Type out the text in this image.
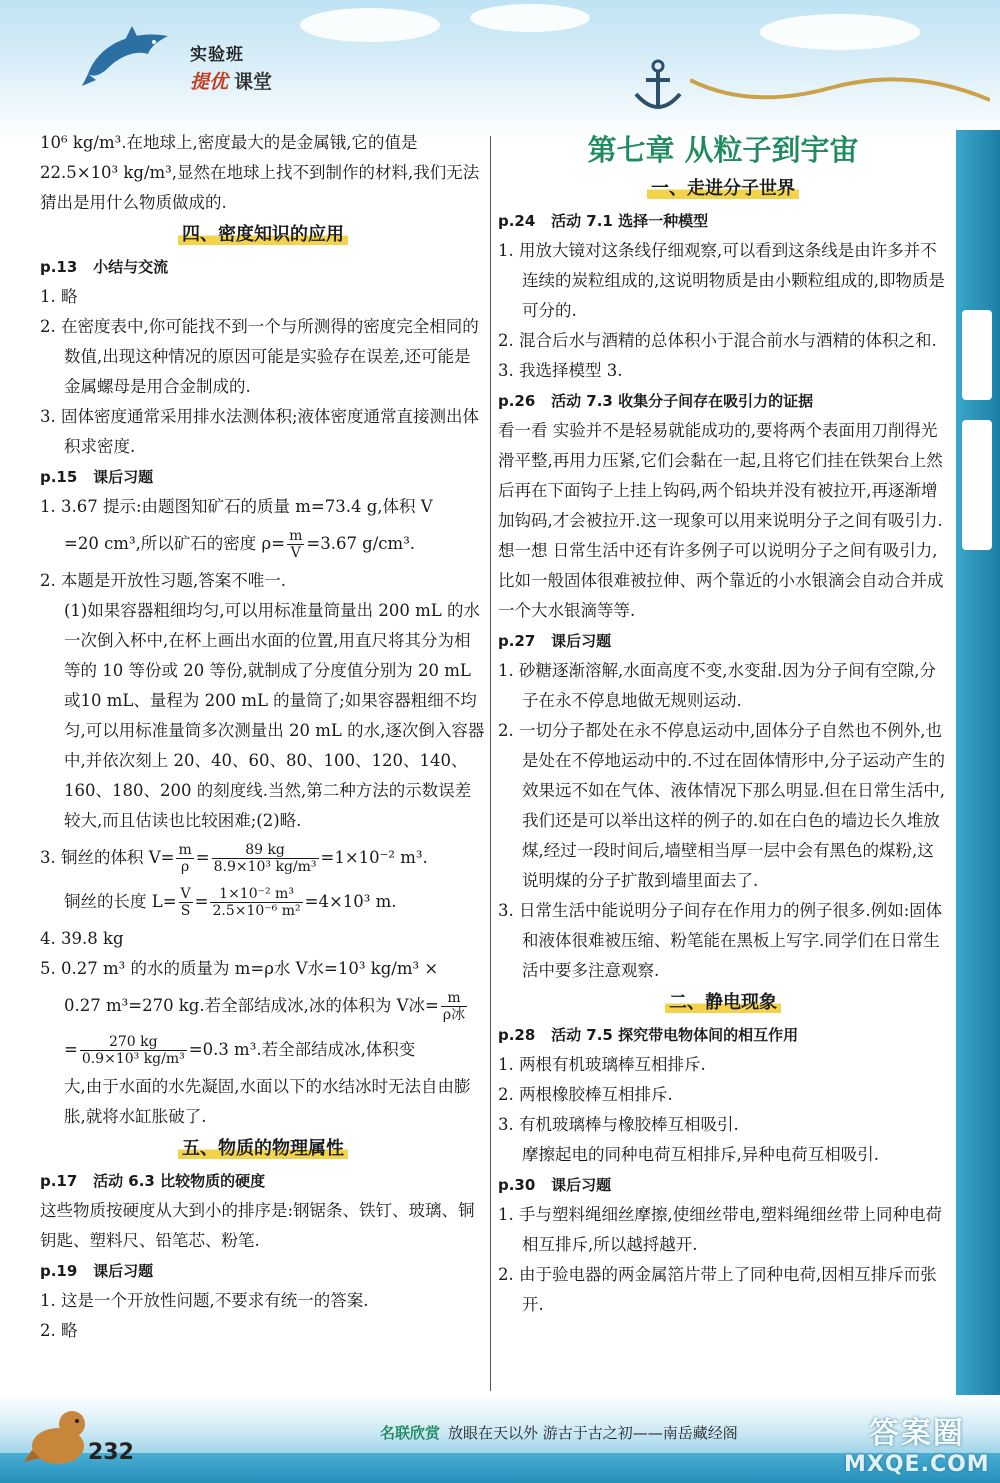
实验班
提优 课堂

10⁶ kg/m³.在地球上,密度最大的是金属锇,它的值是 22.5×10³ kg/m³,显然在地球上找不到制作的材料,我们无法猜出是用什么物质做成的.

四、密度知识的应用

p.13 小结与交流

1. 略

2. 在密度表中,你可能找不到一个与所测得的密度完全相同的数值,出现这种情况的原因可能是实验存在误差,还可能是金属螺母是用合金制成的.

3. 固体密度通常采用排水法测体积;液体密度通常直接测出体积求密度.

p.15 课后习题

1. 3.67 提示:由题图知矿石的质量 m=73.4 g,体积 V

=20 cm³,所以矿石的密度 $\rho= \frac{m}{V} =3.67$ g/cm³.

2. 本题是开放性习题,答案不唯一.

(1)如果容器粗细均匀,可以用标准量筒量出 200 mL 的水一次倒入杯中,在杯上画出水面的位置,用直尺将其分为相等的 10 等份或 20 等份,就制成了分度值分别为 20 mL 或10 mL、量程为 200 mL 的量筒了;如果容器粗细不均匀,可以用标准量筒多次测量出 20 mL 的水,逐次倒入容器中,并依次刻上 20、40、60、80、100、120、140、160、180、200 的刻度线.当然,第二种方法的示数误差较大,而且估读也比较困难;(2)略.

3. 铜丝的体积 $V= \frac{m}{\rho} = \frac{89 kg}{\text{8.9×10³ kg/m³}} =1\times 10^{-2}$ m³.

铜丝的长度 $L= \frac{V}{S} = \frac{\text{1×10⁻² m³}}{\text{2.5×10⁻⁶ m²}} =4\times 10^3$ m.

4. 39.8 kg

5. 0.27 m³ 的水的质量为 m=ρ水 V水=10³ kg/m³ ×

0.27 m³=270 kg.若全部结成冰,冰的体积为 V冰= $\frac{m}{\text{ρ冰}}$

= $\frac{270 kg}{\text{0.9×10³ kg/m³}} =0.3$ m³.若全部结成冰,体积变

大,由于水面的水先凝固,水面以下的水结冰时无法自由膨胀,就将水缸胀破了.

五、物质的物理属性

p.17 活动 6.3 比较物质的硬度

这些物质按硬度从大到小的排序是:钢锯条、铁钉、玻璃、铜钥匙、塑料尺、铅笔芯、粉笔.

p.19 课后习题

1. 这是一个开放性问题,不要求有统一的答案.

2. 略

第七章 从粒子到宇宙
一、走进分子世界

p.24 活动 7.1 选择一种模型

1. 用放大镜对这条线仔细观察,可以看到这条线是由许多并不连续的炭粒组成的,这说明物质是由小颗粒组成的,即物质是可分的.

2. 混合后水与酒精的总体积小于混合前水与酒精的体积之和.

3. 我选择模型 3.

p.26 活动 7.3 收集分子间存在吸引力的证据

看一看 实验并不是轻易就能成功的,要将两个表面用刀削得光滑平整,再用力压紧,它们会黏在一起,且将它们挂在铁架台上然后再在下面钩子上挂上钩码,两个铅块并没有被拉开,再逐渐增加钩码,才会被拉开.这一现象可以用来说明分子之间有吸引力.

想一想 日常生活中还有许多例子可以说明分子之间有吸引力,比如一般固体很难被拉伸、两个靠近的小水银滴会自动合并成一个大水银滴等等.

p.27 课后习题

1. 砂糖逐渐溶解,水面高度不变,水变甜.因为分子间有空隙,分子在永不停息地做无规则运动.

2. 一切分子都处在永不停息运动中,固体分子自然也不例外,也是处在不停地运动中的.不过在固体情形中,分子运动产生的效果远不如在气体、液体情况下那么明显.但在日常生活中,我们还是可以举出这样的例子的.如在白色的墙边长久堆放煤,经过一段时间后,墙壁相当厚一层中会有黑色的煤粉,这说明煤的分子扩散到墙里面去了.

3. 日常生活中能说明分子间存在作用力的例子很多.例如:固体和液体很难被压缩、粉笔能在黑板上写字.同学们在日常生活中要多注意观察.

二、静电现象

p.28 活动 7.5 探究带电物体间的相互作用

1. 两根有机玻璃棒互相排斥.

2. 两根橡胶棒互相排斥.

3. 有机玻璃棒与橡胶棒互相吸引.

摩擦起电的同种电荷互相排斥,异种电荷互相吸引.

p.30 课后习题

1. 手与塑料绳细丝摩擦,使细丝带电,塑料绳细丝带上同种电荷相互排斥,所以越捋越开.

2. 由于验电器的两金属箔片带上了同种电荷,因相互排斥而张开.

232
名联欣赏 放眼在天以外 游古于古之初——南岳藏经阁	答案圈
MXQE.COM
